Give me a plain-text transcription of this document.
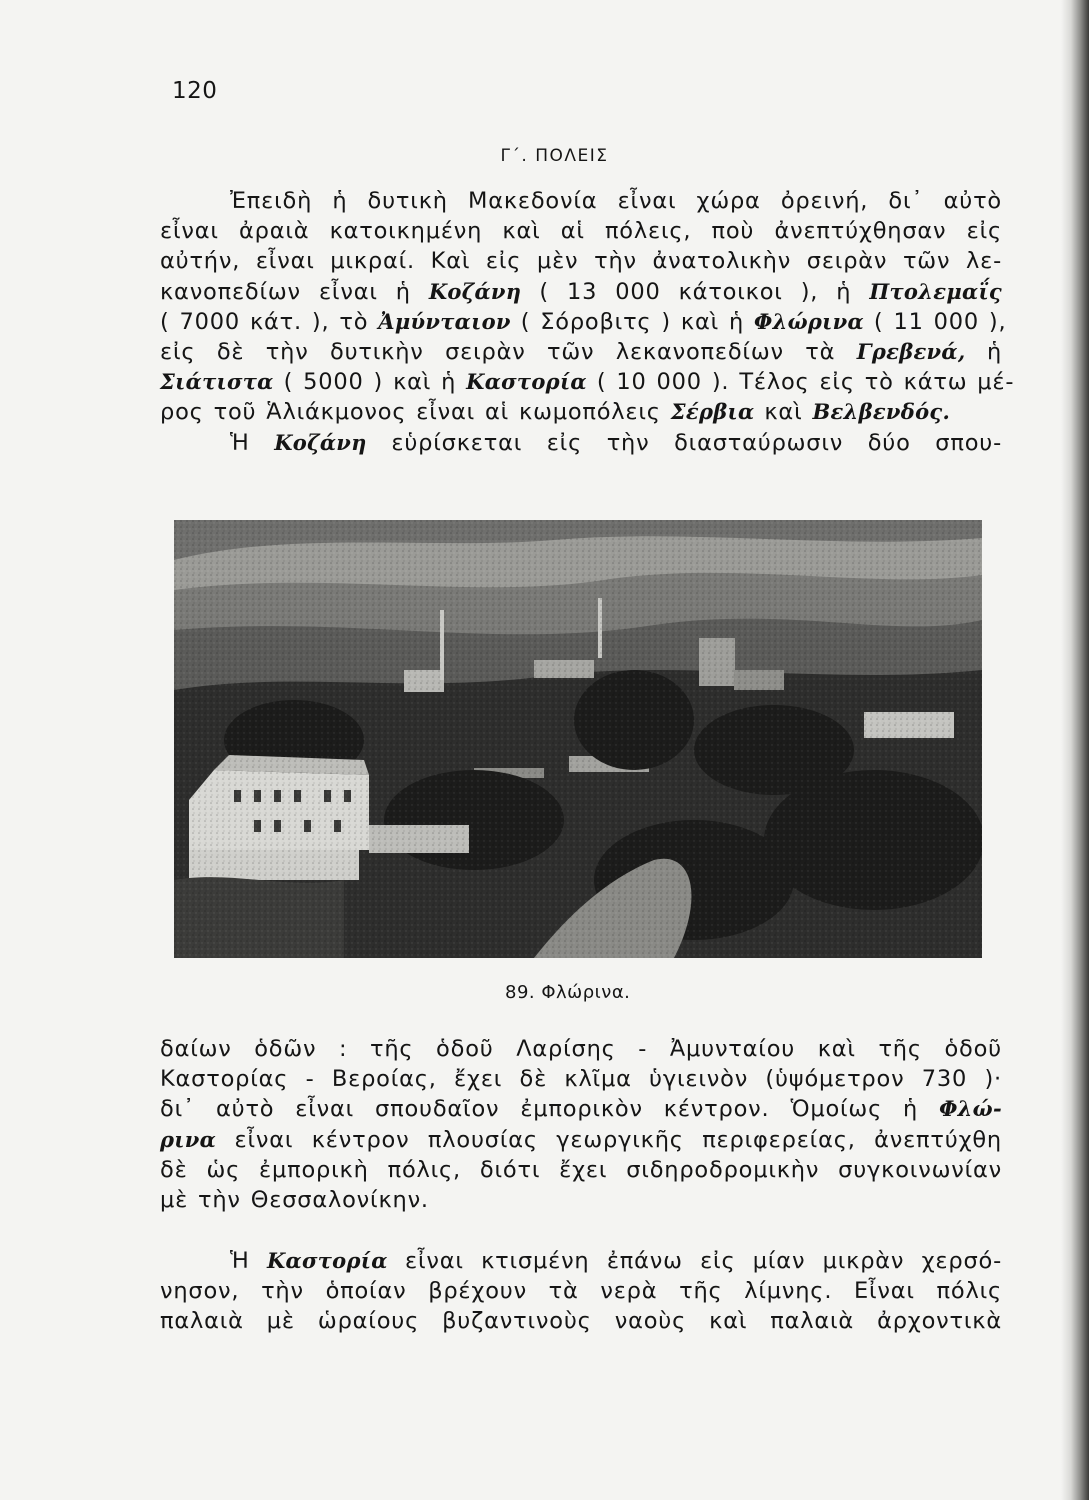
120
Γ΄. ΠΟΛΕΙΣ
Ἐπειδὴ ἡ δυτικὴ Μακεδονία εἶναι χώρα ὀρεινή, δι᾽ αὐτὸ
εἶναι ἀραιὰ κατοικημένη καὶ αἱ πόλεις, ποὺ ἀνεπτύχθησαν εἰς
αὐτήν, εἶναι μικραί. Καὶ εἰς μὲν τὴν ἀνατολικὴν σειρὰν τῶν λε-
κανοπεδίων εἶναι ἡ Κοζάνη ( 13 000 κάτοικοι ), ἡ Πτολεμαΐς
( 7000 κάτ. ), τὸ Ἀμύνταιον ( Σόροβιτς ) καὶ ἡ Φλώρινα ( 11 000 ),
εἰς δὲ τὴν δυτικὴν σειρὰν τῶν λεκανοπεδίων τὰ Γρεβενά, ἡ
Σιάτιστα ( 5000 ) καὶ ἡ Καστορία ( 10 000 ). Τέλος εἰς τὸ κάτω μέ-
ρος τοῦ Ἁλιάκμονος εἶναι αἱ κωμοπόλεις Σέρβια καὶ Βελβενδός.
Ἡ Κοζάνη εὑρίσκεται εἰς τὴν διασταύρωσιν δύο σπου-
89. Φλώρινα.
δαίων ὁδῶν : τῆς ὁδοῦ Λαρίσης - Ἀμυνταίου καὶ τῆς ὁδοῦ
Καστορίας - Βεροίας, ἔχει δὲ κλῖμα ὑγιεινὸν (ὑψόμετρον 730 )·
δι᾽ αὐτὸ εἶναι σπουδαῖον ἐμπορικὸν κέντρον. Ὁμοίως ἡ Φλώ-
ρινα εἶναι κέντρον πλουσίας γεωργικῆς περιφερείας, ἀνεπτύχθη
δὲ ὡς ἐμπορικὴ πόλις, διότι ἔχει σιδηροδρομικὴν συγκοινωνίαν
μὲ τὴν Θεσσαλονίκην.
Ἡ Καστορία εἶναι κτισμένη ἐπάνω εἰς μίαν μικρὰν χερσό-
νησον, τὴν ὁποίαν βρέχουν τὰ νερὰ τῆς λίμνης. Εἶναι πόλις
παλαιὰ μὲ ὡραίους βυζαντινοὺς ναοὺς καὶ παλαιὰ ἀρχοντικὰ
